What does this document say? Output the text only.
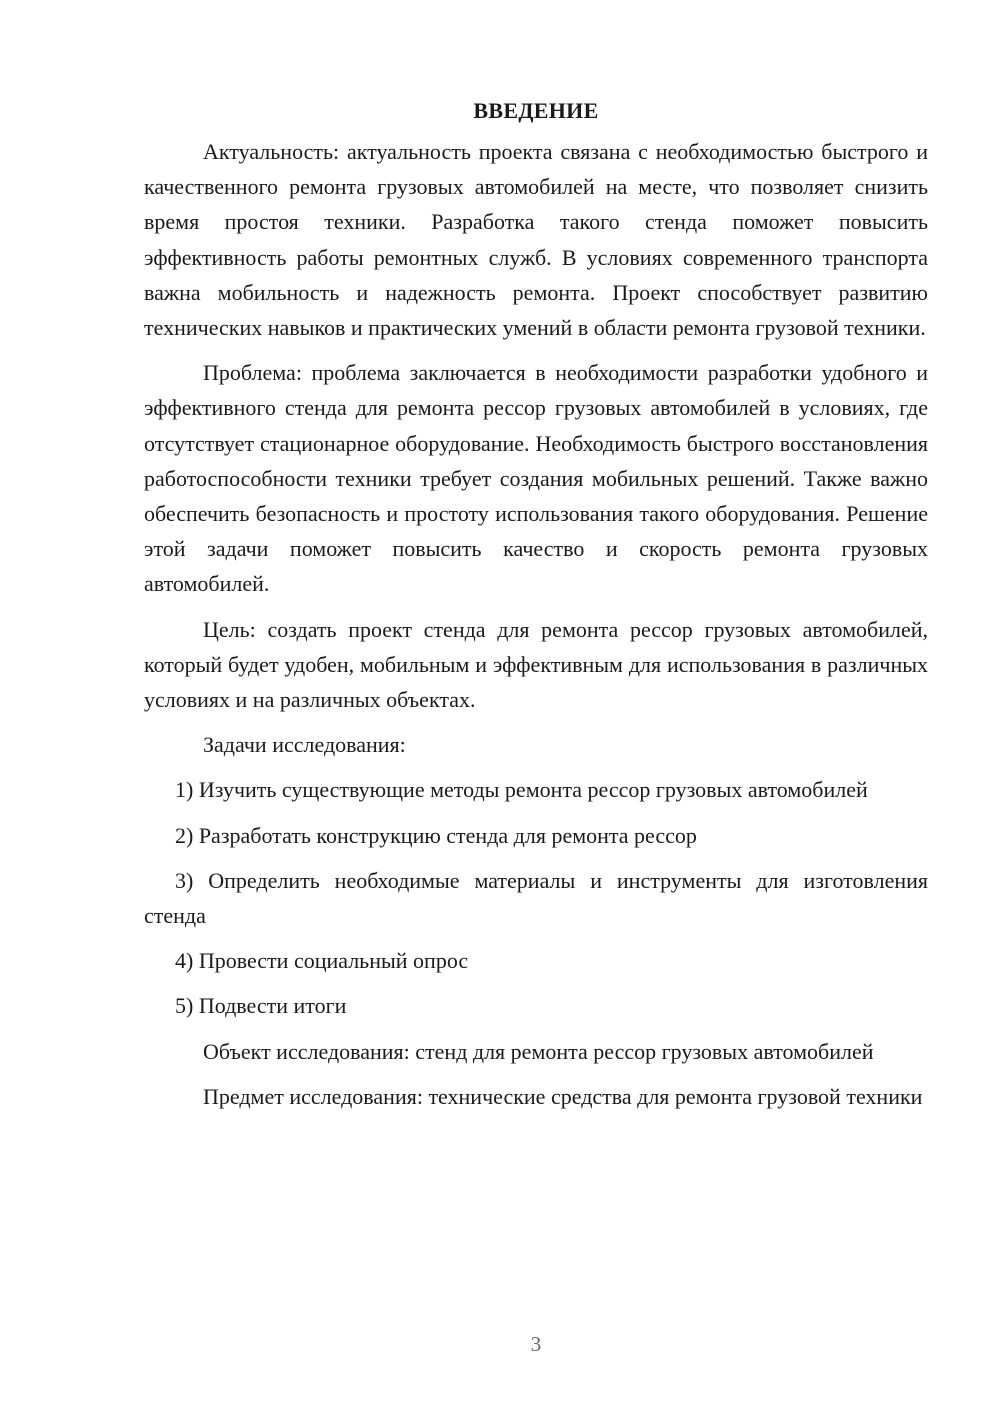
ВВЕДЕНИЕ

Актуальность: актуальность проекта связана с необходимостью быстрого и качественного ремонта грузовых автомобилей на месте, что позволяет снизить время простоя техники. Разработка такого стенда поможет повысить эффективность работы ремонтных служб. В условиях современного транспорта важна мобильность и надежность ремонта. Проект способствует развитию технических навыков и практических умений в области ремонта грузовой техники.

Проблема: проблема заключается в необходимости разработки удобного и эффективного стенда для ремонта рессор грузовых автомобилей в условиях, где отсутствует стационарное оборудование. Необходимость быстрого восстановления работоспособности техники требует создания мобильных решений. Также важно обеспечить безопасность и простоту использования такого оборудования. Решение этой задачи поможет повысить качество и скорость ремонта грузовых автомобилей.

Цель: создать проект стенда для ремонта рессор грузовых автомобилей, который будет удобен, мобильным и эффективным для использования в различных условиях и на различных объектах.

Задачи исследования:

1) Изучить существующие методы ремонта рессор грузовых автомобилей

2) Разработать конструкцию стенда для ремонта рессор

3) Определить необходимые материалы и инструменты для изготовления стенда

4) Провести социальный опрос

5) Подвести итоги

Объект исследования: стенд для ремонта рессор грузовых автомобилей

Предмет исследования: технические средства для ремонта грузовой техники

3
